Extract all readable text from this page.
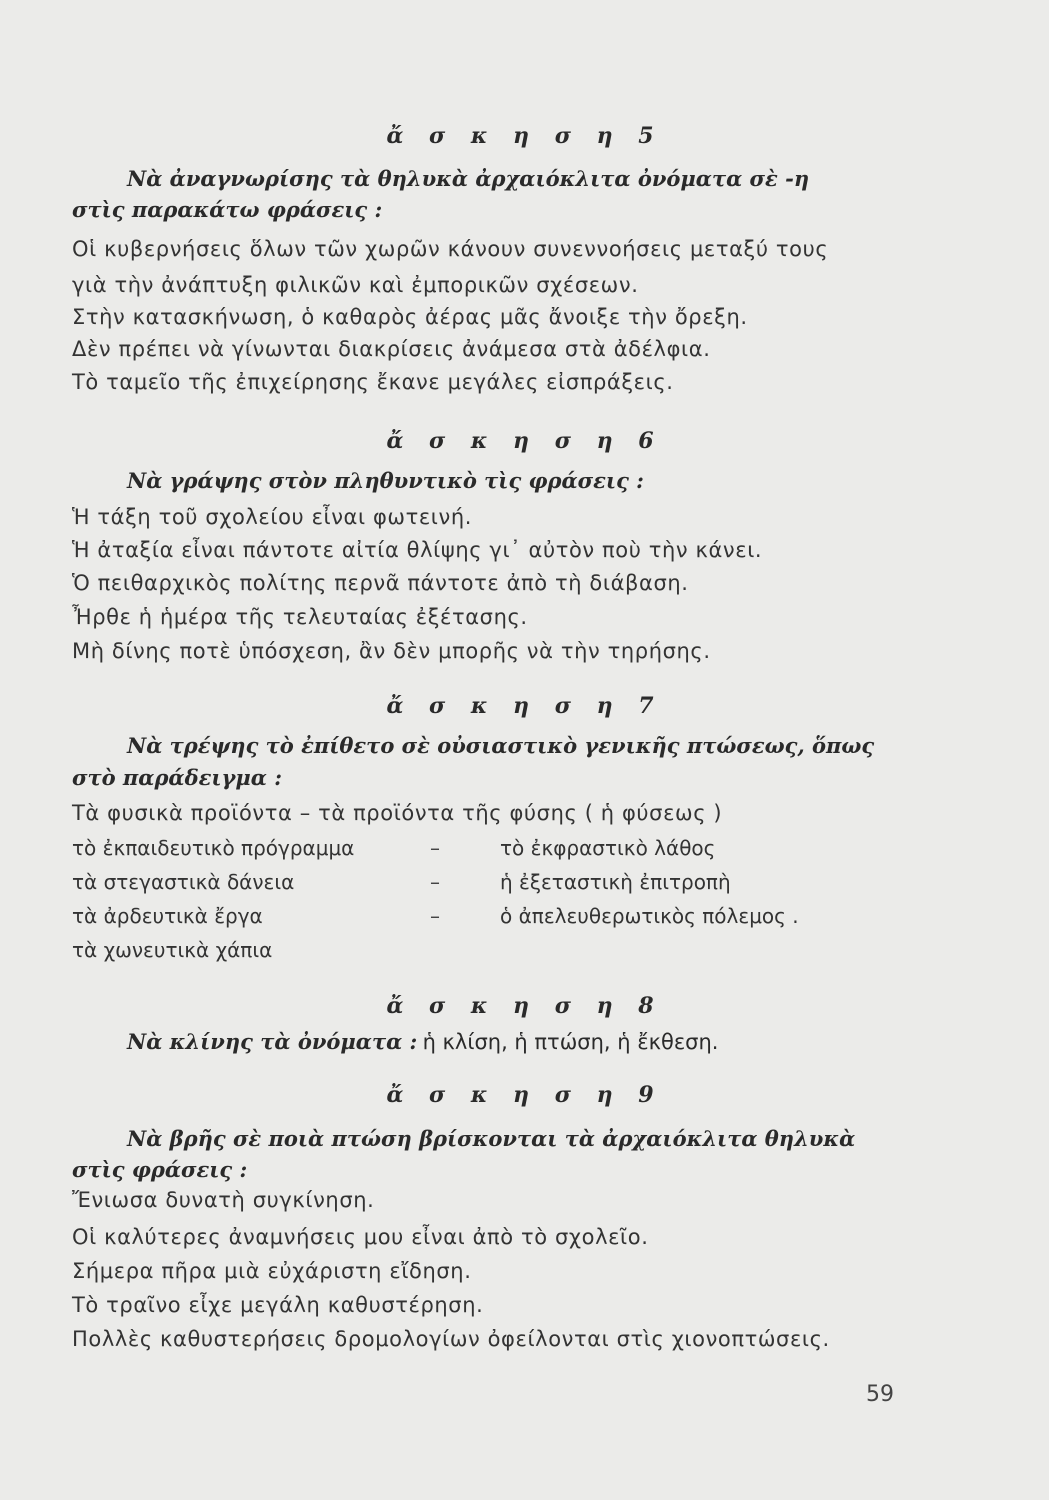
ἄ σ κ η σ η 5
Νὰ ἀναγνωρίσης τὰ θηλυκὰ ἀρχαιόκλιτα ὀνόματα σὲ -η
στὶς παρακάτω φράσεις :
Οἱ κυβερνήσεις ὅλων τῶν χωρῶν κάνουν συνεννοήσεις μεταξύ τους
γιὰ τὴν ἀνάπτυξη φιλικῶν καὶ ἐμπορικῶν σχέσεων.
Στὴν κατασκήνωση, ὁ καθαρὸς ἀέρας μᾶς ἄνοιξε τὴν ὄρεξη.
Δὲν πρέπει νὰ γίνωνται διακρίσεις ἀνάμεσα στὰ ἀδέλφια.
Τὸ ταμεῖο τῆς ἐπιχείρησης ἔκανε μεγάλες εἰσπράξεις.
ἄ σ κ η σ η 6
Νὰ γράψης στὸν πληθυντικὸ τὶς φράσεις :
Ἡ τάξη τοῦ σχολείου εἶναι φωτεινή.
Ἡ ἀταξία εἶναι πάντοτε αἰτία θλίψης γι᾿ αὐτὸν ποὺ τὴν κάνει.
Ὁ πειθαρχικὸς πολίτης περνᾶ πάντοτε ἀπὸ τὴ διάβαση.
Ἦρθε ἡ ἡμέρα τῆς τελευταίας ἐξέτασης.
Μὴ δίνης ποτὲ ὑπόσχεση, ἂν δὲν μπορῆς νὰ τὴν τηρήσης.
ἄ σ κ η σ η 7
Νὰ τρέψης τὸ ἐπίθετο σὲ οὐσιαστικὸ γενικῆς πτώσεως, ὅπως
στὸ παράδειγμα :
Τὰ φυσικὰ προϊόντα – τὰ προϊόντα τῆς φύσης ( ἡ φύσεως )
τὸ ἐκπαιδευτικὸ πρόγραμμα	–	τὸ ἐκφραστικὸ λάθος
τὰ στεγαστικὰ δάνεια	–	ἡ ἐξεταστικὴ ἐπιτροπὴ
τὰ ἀρδευτικὰ ἔργα	–	ὁ ἀπελευθερωτικὸς πόλεμος .
τὰ χωνευτικὰ χάπια
ἄ σ κ η σ η 8
Νὰ κλίνης τὰ ὀνόματα : ἡ κλίση, ἡ πτώση, ἡ ἔκθεση.
ἄ σ κ η σ η 9
Νὰ βρῆς σὲ ποιὰ πτώση βρίσκονται τὰ ἀρχαιόκλιτα θηλυκὰ
στὶς φράσεις :
Ἔνιωσα δυνατὴ συγκίνηση.
Οἱ καλύτερες ἀναμνήσεις μου εἶναι ἀπὸ τὸ σχολεῖο.
Σήμερα πῆρα μιὰ εὐχάριστη εἴδηση.
Τὸ τραῖνο εἶχε μεγάλη καθυστέρηση.
Πολλὲς καθυστερήσεις δρομολογίων ὀφείλονται στὶς χιονοπτώσεις.
59
